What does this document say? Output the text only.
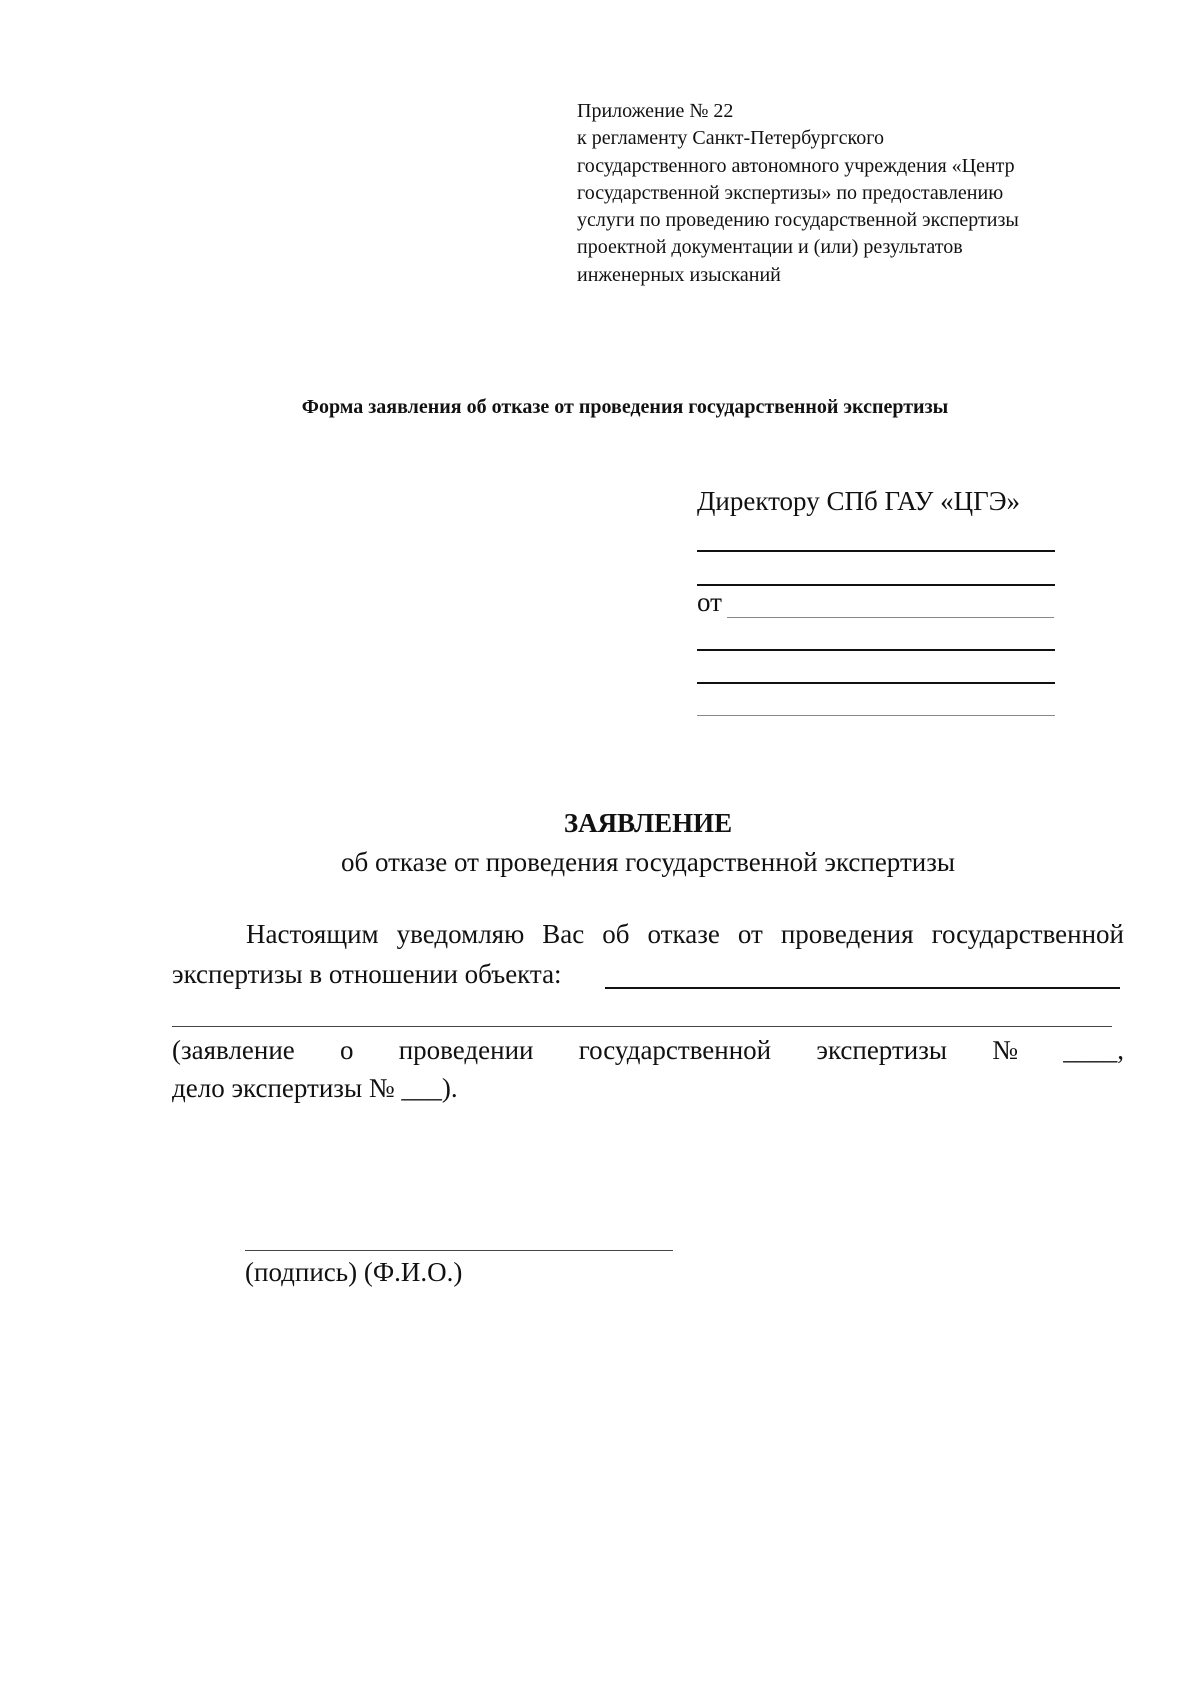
Приложение № 22
к регламенту Санкт-Петербургского
государственного автономного учреждения «Центр
государственной экспертизы» по предоставлению
услуги по проведению государственной экспертизы
проектной документации и (или) результатов
инженерных изысканий
Форма заявления об отказе от проведения государственной экспертизы
Директору СПб ГАУ «ЦГЭ»
от
ЗАЯВЛЕНИЕ
об отказе от проведения государственной экспертизы
Настоящим уведомляю Вас об отказе от проведения государственной
экспертизы в отношении объекта:
(заявление о проведении государственной экспертизы № ____,
дело экспертизы № ___).
(подпись) (Ф.И.О.)
